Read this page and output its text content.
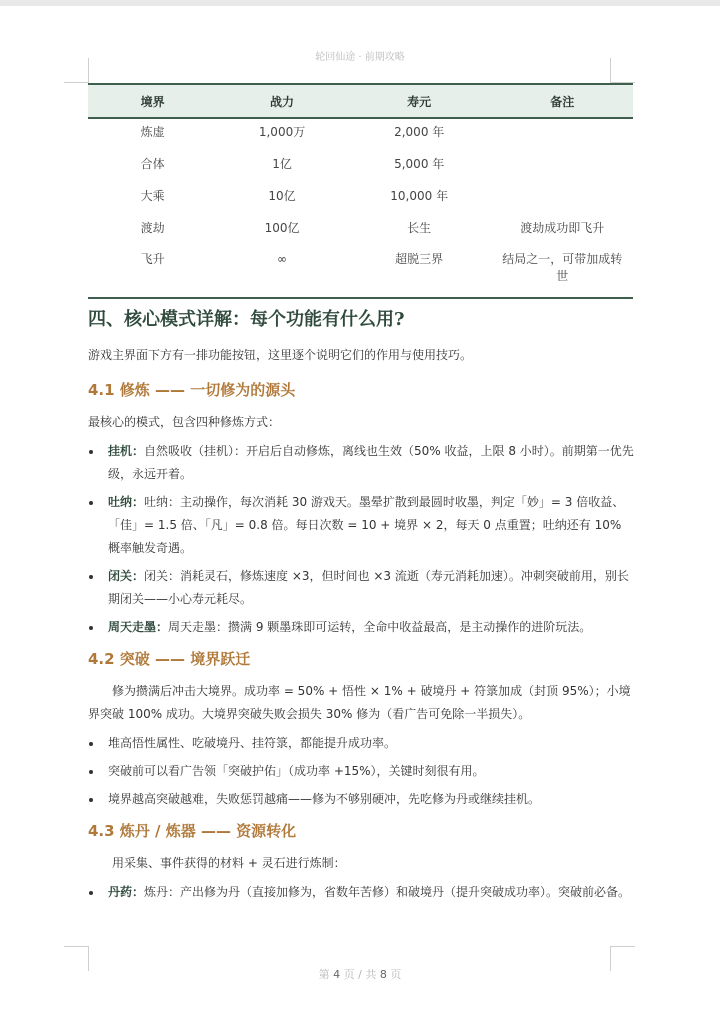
轮回仙途 · 前期攻略
境界	战力	寿元	备注
炼虚	1,000万	2,000 年	
合体	1亿	5,000 年	
大乘	10亿	10,000 年	
渡劫	100亿	长生	渡劫成功即飞升
飞升	∞	超脱三界	结局之一，可带加成转世
四、核心模式详解：每个功能有什么用?

游戏主界面下方有一排功能按钮，这里逐个说明它们的作用与使用技巧。

4.1 修炼 —— 一切修为的源头

最核心的模式，包含四种修炼方式：

挂机：自然吸收（挂机）：开启后自动修炼，离线也生效（50% 收益，上限 8 小时）。前期第一优先级，永远开着。
吐纳：吐纳：主动操作，每次消耗 30 游戏天。墨晕扩散到最圆时收墨，判定「妙」= 3 倍收益、「佳」= 1.5 倍、「凡」= 0.8 倍。每日次数 = 10 + 境界 × 2，每天 0 点重置；吐纳还有 10% 概率触发奇遇。
闭关：闭关：消耗灵石，修炼速度 ×3，但时间也 ×3 流逝（寿元消耗加速）。冲刺突破前用，别长期闭关——小心寿元耗尽。
周天走墨：周天走墨：攒满 9 颗墨珠即可运转，全命中收益最高，是主动操作的进阶玩法。
4.2 突破 —— 境界跃迁

修为攒满后冲击大境界。成功率 = 50% + 悟性 × 1% + 破境丹 + 符箓加成（封顶 95%）；小境界突破 100% 成功。大境界突破失败会损失 30% 修为（看广告可免除一半损失）。

堆高悟性属性、吃破境丹、挂符箓，都能提升成功率。
突破前可以看广告领「突破护佑」（成功率 +15%），关键时刻很有用。
境界越高突破越难，失败惩罚越痛——修为不够别硬冲，先吃修为丹或继续挂机。
4.3 炼丹 / 炼器 —— 资源转化

用采集、事件获得的材料 + 灵石进行炼制：

丹药：炼丹：产出修为丹（直接加修为，省数年苦修）和破境丹（提升突破成功率）。突破前必备。
第 4 页 / 共 8 页
